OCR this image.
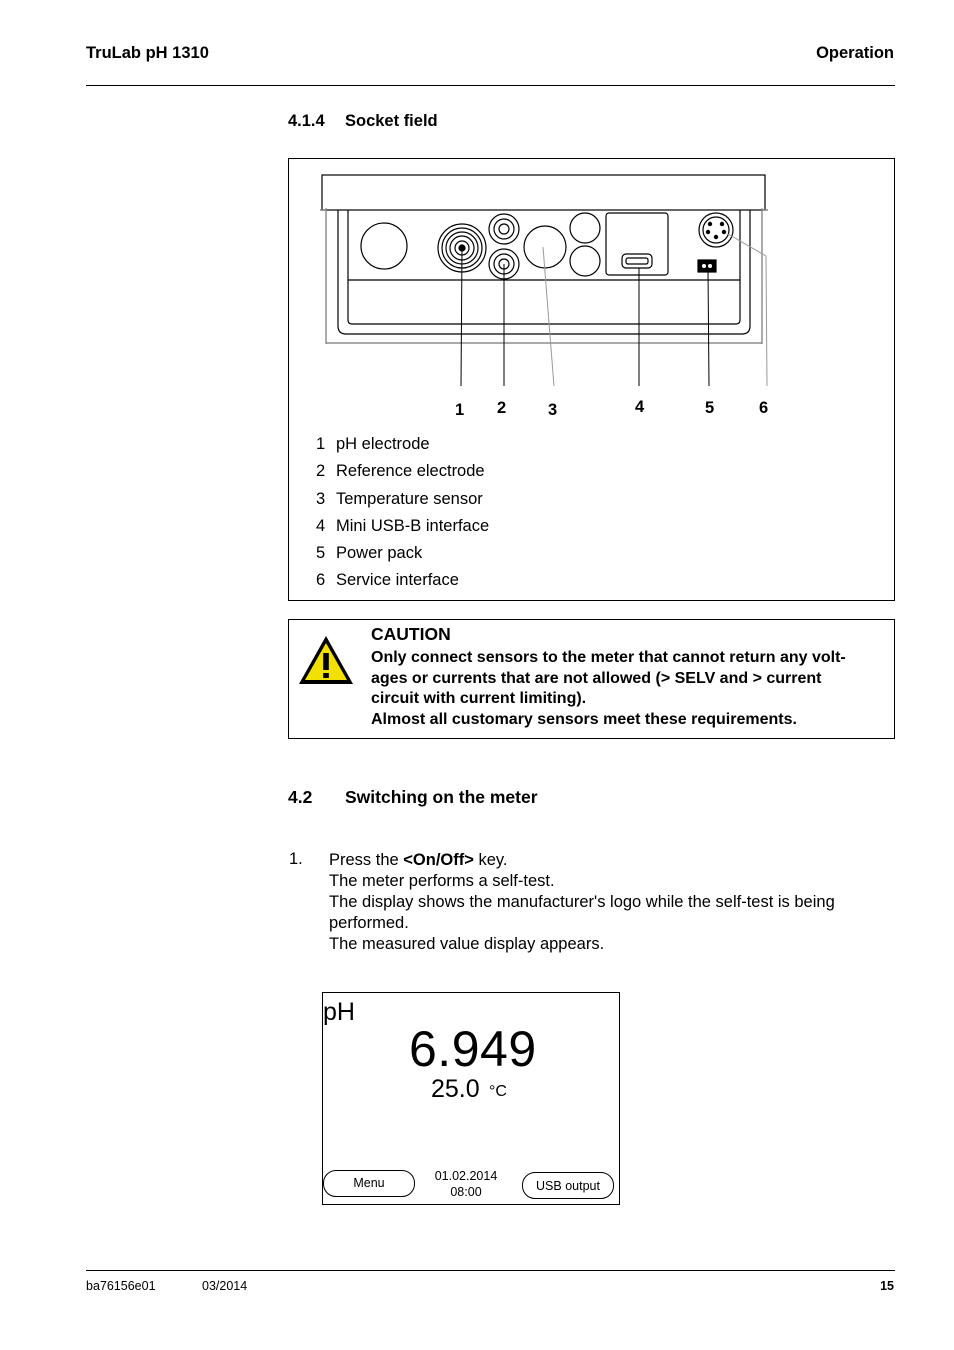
TruLab pH 1310	Operation
4.1.4 Socket field
1 2	3	4	5	6
1 pH electrode
2 Reference electrode
3 Temperature sensor
4 Mini USB-B interface
5 Power pack
6 Service interface
CAUTION
Only connect sensors to the meter that cannot return any volt-
ages or currents that are not allowed (> SELV and > current
circuit with current limiting).
Almost all customary sensors meet these requirements.
4.2 Switching on the meter
1. Press the <On/Off> key.
The meter performs a self-test.
The display shows the manufacturer's logo while the self-test is being
performed.
The measured value display appears.
pH
6.949
25.0 °C
Menu	01.02.2014
08:00	USB output
ba76156e01	03/2014	15
